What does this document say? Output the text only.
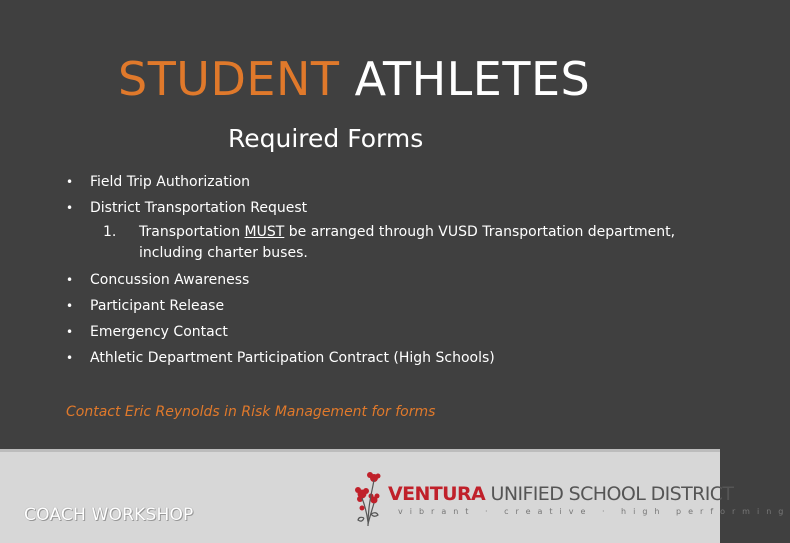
STUDENT ATHLETES
Required Forms
• Field Trip Authorization
• District Transportation Request
1. Transportation MUST be arranged through VUSD Transportation department, including charter buses.
• Concussion Awareness
• Participant Release
• Emergency Contact
• Athletic Department Participation Contract (High Schools)
Contact Eric Reynolds in Risk Management for forms
COACH WORKSHOP
VENTURA UNIFIED SCHOOL DISTRICT
vibrant · creative · high performing
